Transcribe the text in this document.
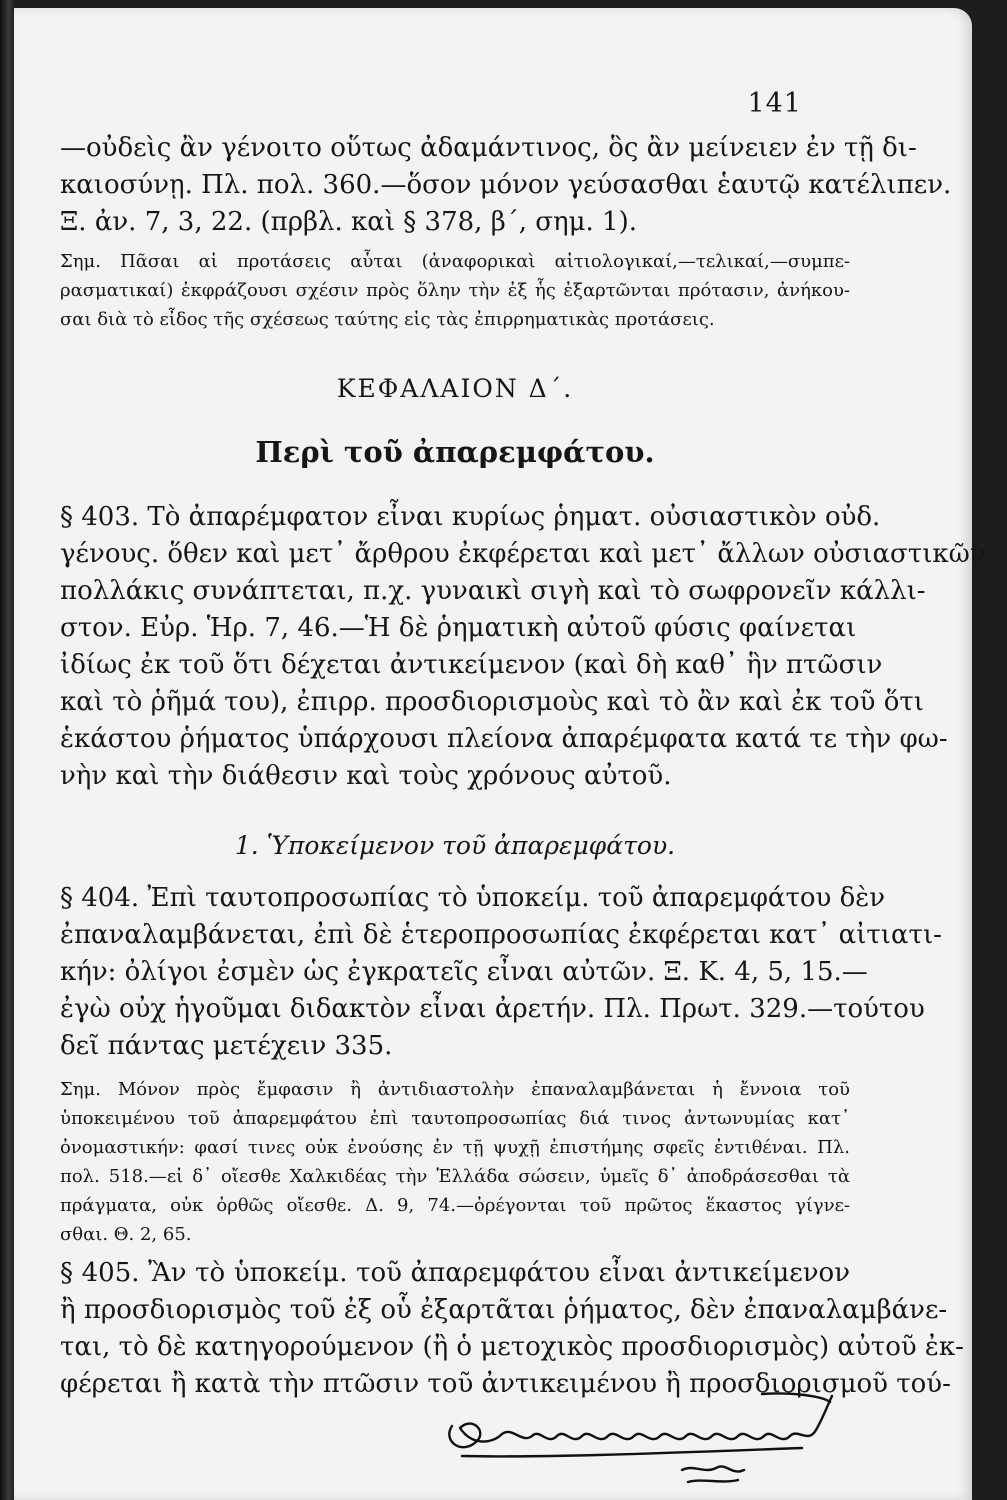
141

—οὐδεὶς ἂν γένοιτο οὕτως ἀδαμάντινος, ὃς ἂν μείνειεν ἐν τῇ δι-
καιοσύνῃ. Πλ. πολ. 360.—ὅσον μόνον γεύσασθαι ἑαυτῷ κατέλιπεν.
Ξ. ἀν. 7, 3, 22. (πρβλ. καὶ § 378, β΄, σημ. 1).

Σημ. Πᾶσαι αἱ προτάσεις αὗται (ἀναφορικαὶ αἰτιολογικαί,—τελικαί,—συμπε-
ρασματικαί) ἐκφράζουσι σχέσιν πρὸς ὅλην τὴν ἐξ ἧς ἐξαρτῶνται πρότασιν, ἀνήκου-
σαι διὰ τὸ εἶδος τῆς σχέσεως ταύτης εἰς τὰς ἐπιρρηματικὰς προτάσεις.

ΚΕΦΑΛΑΙΟΝ Δ΄.
Περὶ τοῦ ἀπαρεμφάτου.

§ 403. Τὸ ἀπαρέμφατον εἶναι κυρίως ῥηματ. οὐσιαστικὸν οὐδ.
γένους. ὅθεν καὶ μετ᾽ ἄρθρου ἐκφέρεται καὶ μετ᾽ ἄλλων οὐσιαστικῶν
πολλάκις συνάπτεται, π.χ. γυναικὶ σιγὴ καὶ τὸ σωφρονεῖν κάλλι-
στον. Εὐρ. Ἡρ. 7, 46.—Ἡ δὲ ῥηματικὴ αὐτοῦ φύσις φαίνεται
ἰδίως ἐκ τοῦ ὅτι δέχεται ἀντικείμενον (καὶ δὴ καθ᾽ ἣν πτῶσιν
καὶ τὸ ῥῆμά του), ἐπιρρ. προσδιορισμοὺς καὶ τὸ ἂν καὶ ἐκ τοῦ ὅτι
ἑκάστου ῥήματος ὑπάρχουσι πλείονα ἀπαρέμφατα κατά τε τὴν φω-
νὴν καὶ τὴν διάθεσιν καὶ τοὺς χρόνους αὐτοῦ.

1. Ὑποκείμενον τοῦ ἀπαρεμφάτου.

§ 404. Ἐπὶ ταυτοπροσωπίας τὸ ὑποκείμ. τοῦ ἀπαρεμφάτου δὲν
ἐπαναλαμβάνεται, ἐπὶ δὲ ἑτεροπροσωπίας ἐκφέρεται κατ᾽ αἰτιατι-
κήν: ὀλίγοι ἐσμὲν ὡς ἐγκρατεῖς εἶναι αὐτῶν. Ξ. Κ. 4, 5, 15.—
ἐγὼ οὐχ ἡγοῦμαι διδακτὸν εἶναι ἀρετήν. Πλ. Πρωτ. 329.—τούτου
δεῖ πάντας μετέχειν 335.

Σημ. Μόνον πρὸς ἔμφασιν ἢ ἀντιδιαστολὴν ἐπαναλαμβάνεται ἡ ἔννοια τοῦ
ὑποκειμένου τοῦ ἀπαρεμφάτου ἐπὶ ταυτοπροσωπίας διά τινος ἀντωνυμίας κατ᾽
ὀνομαστικήν: φασί τινες οὐκ ἐνούσης ἐν τῇ ψυχῇ ἐπιστήμης σφεῖς ἐντιθέναι. Πλ.
πολ. 518.—εἰ δ᾽ οἴεσθε Χαλκιδέας τὴν Ἑλλάδα σώσειν, ὑμεῖς δ᾽ ἀποδράσεσθαι τὰ
πράγματα, οὐκ ὀρθῶς οἴεσθε. Δ. 9, 74.—ὀρέγονται τοῦ πρῶτος ἕκαστος γίγνε-
σθαι. Θ. 2, 65.

§ 405. Ἂν τὸ ὑποκείμ. τοῦ ἀπαρεμφάτου εἶναι ἀντικείμενον
ἢ προσδιορισμὸς τοῦ ἐξ οὗ ἐξαρτᾶται ῥήματος, δὲν ἐπαναλαμβάνε-
ται, τὸ δὲ κατηγορούμενον (ἢ ὁ μετοχικὸς προσδιορισμὸς) αὐτοῦ ἐκ-
φέρεται ἢ κατὰ τὴν πτῶσιν τοῦ ἀντικειμένου ἢ προσδιορισμοῦ τού-
